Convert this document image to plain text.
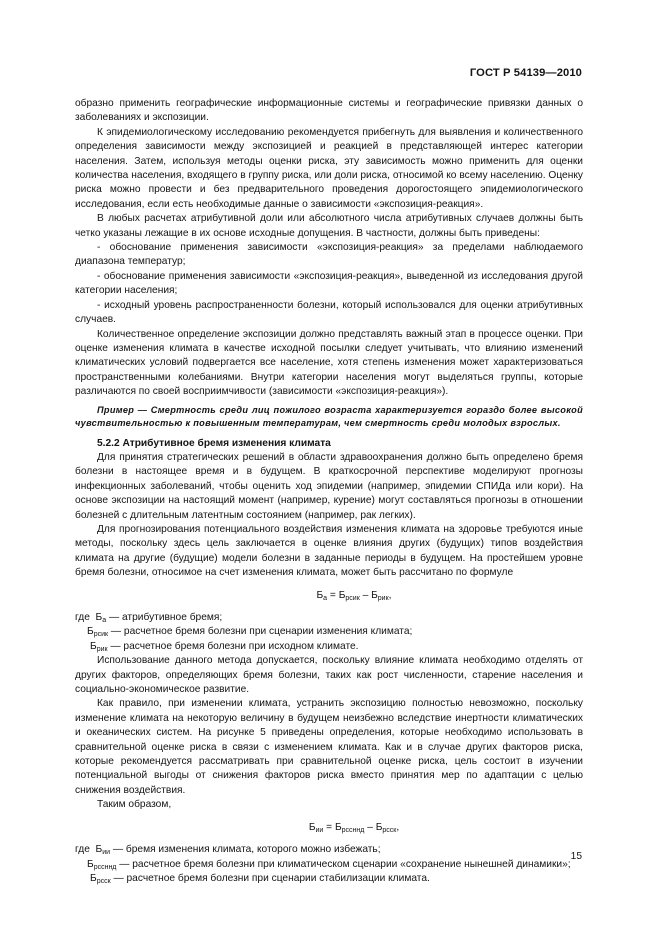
ГОСТ Р 54139—2010

образно применить географические информационные системы и географические привязки данных о заболеваниях и экспозиции.

К эпидемиологическому исследованию рекомендуется прибегнуть для выявления и количественного определения зависимости между экспозицией и реакцией в представляющей интерес категории населения. Затем, используя методы оценки риска, эту зависимость можно применить для оценки количества населения, входящего в группу риска, или доли риска, относимой ко всему населению. Оценку риска можно провести и без предварительного проведения дорогостоящего эпидемиологического исследования, если есть необходимые данные о зависимости «экспозиция-реакция».

В любых расчетах атрибутивной доли или абсолютного числа атрибутивных случаев должны быть четко указаны лежащие в их основе исходные допущения. В частности, должны быть приведены:

- обоснование применения зависимости «экспозиция-реакция» за пределами наблюдаемого диапазона температур;

- обоснование применения зависимости «экспозиция-реакция», выведенной из исследования другой категории населения;

- исходный уровень распространенности болезни, который использовался для оценки атрибутивных случаев.

Количественное определение экспозиции должно представлять важный этап в процессе оценки. При оценке изменения климата в качестве исходной посылки следует учитывать, что влиянию изменений климатических условий подвергается все население, хотя степень изменения может характеризоваться пространственными колебаниями. Внутри категории населения могут выделяться группы, которые различаются по своей восприимчивости (зависимости «экспозиция-реакция»).

Пример — Смертность среди лиц пожилого возраста характеризуется гораздо более высокой чувствительностью к повышенным температурам, чем смертность среди молодых взрослых.

5.2.2 Атрибутивное бремя изменения климата

Для принятия стратегических решений в области здравоохранения должно быть определено бремя болезни в настоящее время и в будущем. В краткосрочной перспективе моделируют прогнозы инфекционных заболеваний, чтобы оценить ход эпидемии (например, эпидемии СПИДа или кори). На основе экспозиции на настоящий момент (например, курение) могут составляться прогнозы в отношении болезней с длительным латентным состоянием (например, рак легких).

Для прогнозирования потенциального воздействия изменения климата на здоровье требуются иные методы, поскольку здесь цель заключается в оценке влияния других (будущих) типов воздействия климата на другие (будущие) модели болезни в заданные периоды в будущем. На простейшем уровне бремя болезни, относимое на счет изменения климата, может быть рассчитано по формуле

$Б_а = Б_{рсик} - Б_{рик}$,

где $Б_а$ — атрибутивное бремя;

$Б_{рсик}$ — расчетное бремя болезни при сценарии изменения климата;

$Б_{рик}$ — расчетное бремя болезни при исходном климате.

Использование данного метода допускается, поскольку влияние климата необходимо отделять от других факторов, определяющих бремя болезни, таких как рост численности, старение населения и социально-экономическое развитие.

Как правило, при изменении климата, устранить экспозицию полностью невозможно, поскольку изменение климата на некоторую величину в будущем неизбежно вследствие инертности климатических и океанических систем. На рисунке 5 приведены определения, которые необходимо использовать в сравнительной оценке риска в связи с изменением климата. Как и в случае других факторов риска, которые рекомендуется рассматривать при сравнительной оценке риска, цель состоит в изучении потенциальной выгоды от снижения факторов риска вместо принятия мер по адаптации с целью снижения воздействия.

Таким образом,

$Б_{ии} = Б_{рссннд} - Б_{рсск}$,

где $Б_{ии}$ — бремя изменения климата, которого можно избежать;

$Б_{рссннд}$ — расчетное бремя болезни при климатическом сценарии «сохранение нынешней динамики»;

$Б_{рсск}$ — расчетное бремя болезни при сценарии стабилизации климата.

15
